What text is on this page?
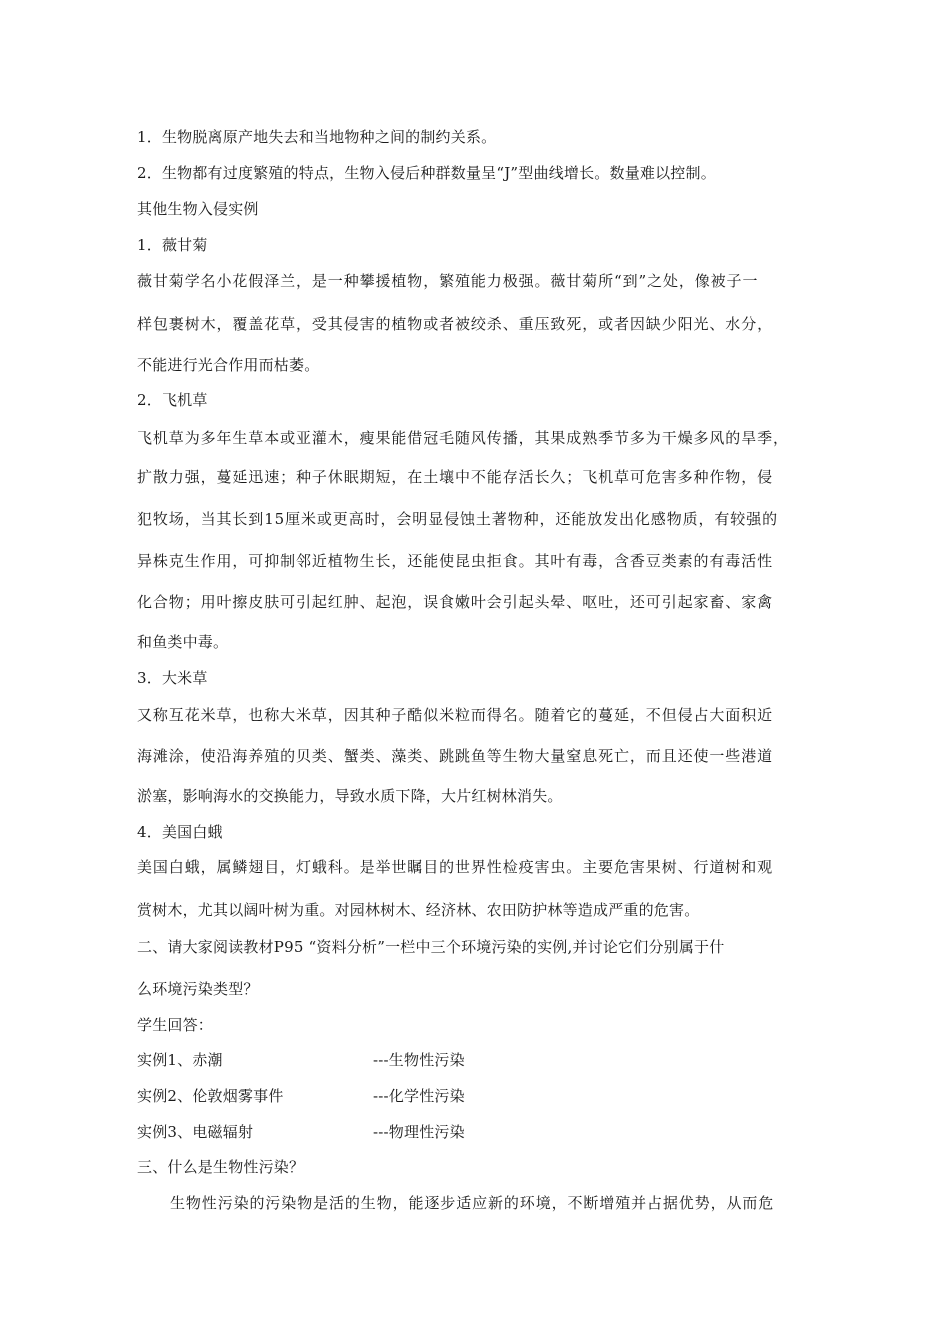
1．生物脱离原产地失去和当地物种之间的制约关系。
2．生物都有过度繁殖的特点，生物入侵后种群数量呈“J”型曲线增长。数量难以控制。
其他生物入侵实例
1．薇甘菊
薇甘菊学名小花假泽兰，是一种攀援植物，繁殖能力极强。薇甘菊所“到”之处，像被子一
样包裹树木，覆盖花草，受其侵害的植物或者被绞杀、重压致死，或者因缺少阳光、水分，
不能进行光合作用而枯萎。
2．飞机草
飞机草为多年生草本或亚灌木，瘦果能借冠毛随风传播，其果成熟季节多为干燥多风的旱季，
扩散力强，蔓延迅速；种子休眠期短，在土壤中不能存活长久；飞机草可危害多种作物，侵
犯牧场，当其长到15厘米或更高时，会明显侵蚀土著物种，还能放发出化感物质，有较强的
异株克生作用，可抑制邻近植物生长，还能使昆虫拒食。其叶有毒，含香豆类素的有毒活性
化合物；用叶擦皮肤可引起红肿、起泡，误食嫩叶会引起头晕、呕吐，还可引起家畜、家禽
和鱼类中毒。
3．大米草
又称互花米草，也称大米草，因其种子酷似米粒而得名。随着它的蔓延，不但侵占大面积近
海滩涂，使沿海养殖的贝类、蟹类、藻类、跳跳鱼等生物大量窒息死亡，而且还使一些港道
淤塞，影响海水的交换能力，导致水质下降，大片红树林消失。
4．美国白蛾
美国白蛾，属鳞翅目，灯蛾科。是举世瞩目的世界性检疫害虫。主要危害果树、行道树和观
赏树木，尤其以阔叶树为重。对园林树木、经济林、农田防护林等造成严重的危害。
二、请大家阅读教材P95 “资料分析”一栏中三个环境污染的实例,并讨论它们分别属于什
么环境污染类型？
学生回答：
实例1、赤潮	---生物性污染
实例2、伦敦烟雾事件	---化学性污染
实例3、电磁辐射	---物理性污染
三、什么是生物性污染？
生物性污染的污染物是活的生物，能逐步适应新的环境，不断增殖并占据优势，从而危
